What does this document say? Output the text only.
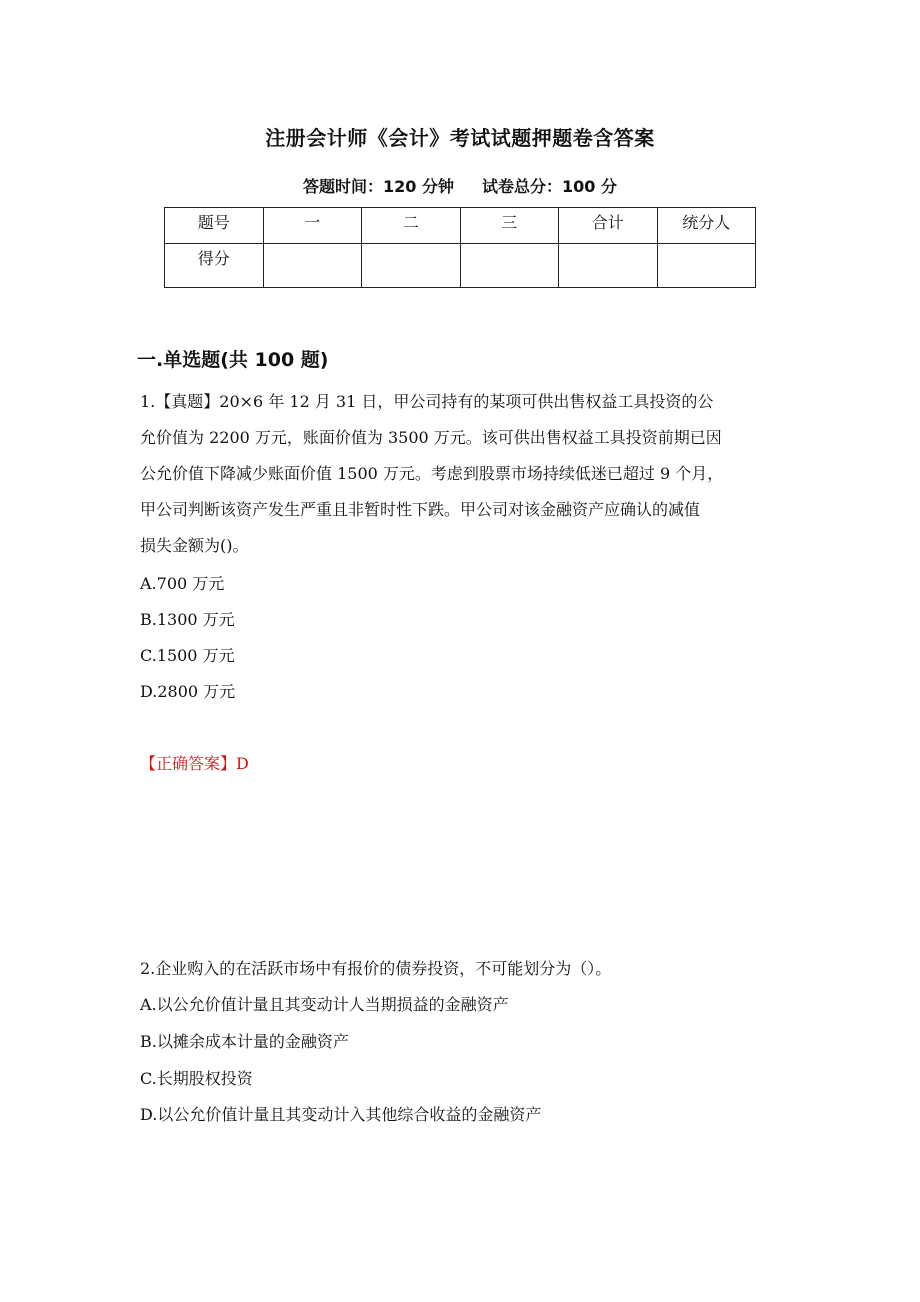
注册会计师《会计》考试试题押题卷含答案
答题时间：120 分钟 试卷总分：100 分
题号	一	二	三	合计	统分人
得分					
一.单选题(共 100 题)
1.【真题】20×6 年 12 月 31 日，甲公司持有的某项可供出售权益工具投资的公
允价值为 2200 万元，账面价值为 3500 万元。该可供出售权益工具投资前期已因
公允价值下降减少账面价值 1500 万元。考虑到股票市场持续低迷已超过 9 个月，
甲公司判断该资产发生严重且非暂时性下跌。甲公司对该金融资产应确认的减值
损失金额为()。
A.700 万元
B.1300 万元
C.1500 万元
D.2800 万元
【正确答案】D
2.企业购入的在活跃市场中有报价的债券投资，不可能划分为（）。
A.以公允价值计量且其变动计人当期损益的金融资产
B.以摊余成本计量的金融资产
C.长期股权投资
D.以公允价值计量且其变动计入其他综合收益的金融资产
